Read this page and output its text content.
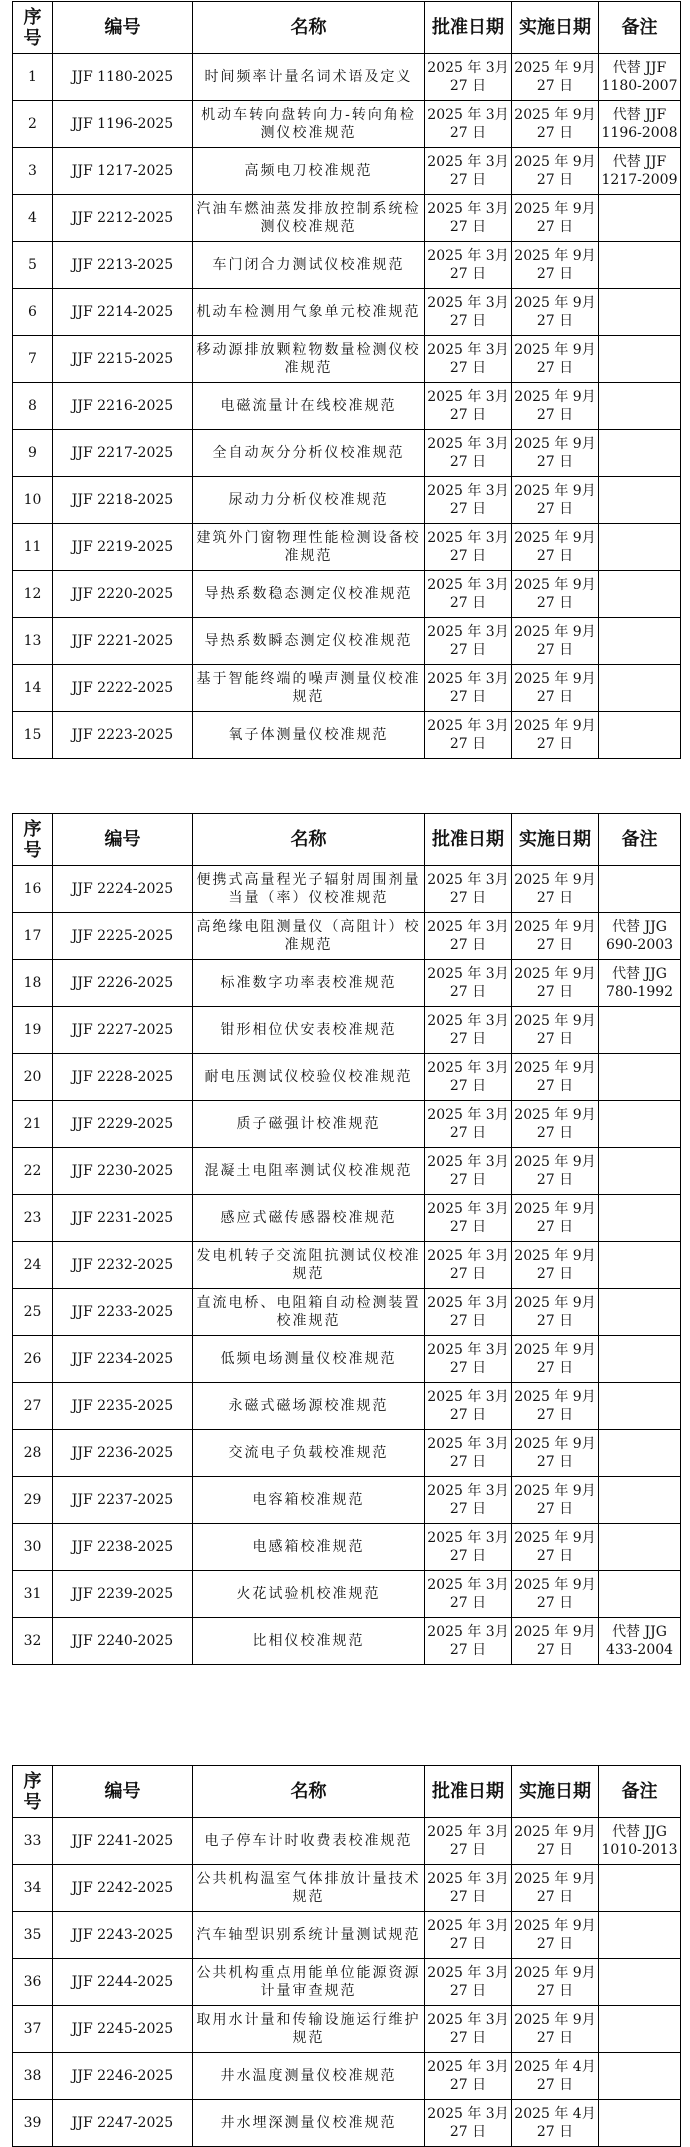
序号	编号	名称	批准日期	实施日期	备注
1	JJF 1180-2025	时间频率计量名词术语及定义	2025 年 3月27 日	2025 年 9月27 日	代替 JJF 1180-2007
2	JJF 1196-2025	机动车转向盘转向力-转向角检测仪校准规范	2025 年 3月27 日	2025 年 9月27 日	代替 JJF 1196-2008
3	JJF 1217-2025	高频电刀校准规范	2025 年 3月27 日	2025 年 9月27 日	代替 JJF 1217-2009
4	JJF 2212-2025	汽油车燃油蒸发排放控制系统检测仪校准规范	2025 年 3月27 日	2025 年 9月27 日	
5	JJF 2213-2025	车门闭合力测试仪校准规范	2025 年 3月27 日	2025 年 9月27 日	
6	JJF 2214-2025	机动车检测用气象单元校准规范	2025 年 3月27 日	2025 年 9月27 日	
7	JJF 2215-2025	移动源排放颗粒物数量检测仪校准规范	2025 年 3月27 日	2025 年 9月27 日	
8	JJF 2216-2025	电磁流量计在线校准规范	2025 年 3月27 日	2025 年 9月27 日	
9	JJF 2217-2025	全自动灰分分析仪校准规范	2025 年 3月27 日	2025 年 9月27 日	
10	JJF 2218-2025	尿动力分析仪校准规范	2025 年 3月27 日	2025 年 9月27 日	
11	JJF 2219-2025	建筑外门窗物理性能检测设备校准规范	2025 年 3月27 日	2025 年 9月27 日	
12	JJF 2220-2025	导热系数稳态测定仪校准规范	2025 年 3月27 日	2025 年 9月27 日	
13	JJF 2221-2025	导热系数瞬态测定仪校准规范	2025 年 3月27 日	2025 年 9月27 日	
14	JJF 2222-2025	基于智能终端的噪声测量仪校准规范	2025 年 3月27 日	2025 年 9月27 日	
15	JJF 2223-2025	氧子体测量仪校准规范	2025 年 3月27 日	2025 年 9月27 日	
序号	编号	名称	批准日期	实施日期	备注
16	JJF 2224-2025	便携式高量程光子辐射周围剂量当量（率）仪校准规范	2025 年 3月27 日	2025 年 9月 27 日	
17	JJF 2225-2025	高绝缘电阻测量仪（高阻计）校准规范	2025 年 3月27 日	2025 年 9月 27 日	代替 JJG 690-2003
18	JJF 2226-2025	标准数字功率表校准规范	2025 年 3月27 日	2025 年 9月27 日	代替 JJG 780-1992
19	JJF 2227-2025	钳形相位伏安表校准规范	2025 年 3月27 日	2025 年 9月27 日	
20	JJF 2228-2025	耐电压测试仪校验仪校准规范	2025 年 3月27 日	2025 年 9月27 日	
21	JJF 2229-2025	质子磁强计校准规范	2025 年 3月27 日	2025 年 9月27 日	
22	JJF 2230-2025	混凝土电阻率测试仪校准规范	2025 年 3月27 日	2025 年 9月27 日	
23	JJF 2231-2025	感应式磁传感器校准规范	2025 年 3月27 日	2025 年 9月27 日	
24	JJF 2232-2025	发电机转子交流阻抗测试仪校准规范	2025 年 3月27 日	2025 年 9月27 日	
25	JJF 2233-2025	直流电桥、电阻箱自动检测装置校准规范	2025 年 3月27 日	2025 年 9月27 日	
26	JJF 2234-2025	低频电场测量仪校准规范	2025 年 3月27 日	2025 年 9月27 日	
27	JJF 2235-2025	永磁式磁场源校准规范	2025 年 3月27 日	2025 年 9月27 日	
28	JJF 2236-2025	交流电子负载校准规范	2025 年 3月27 日	2025 年 9月27 日	
29	JJF 2237-2025	电容箱校准规范	2025 年 3月27 日	2025 年 9月27 日	
30	JJF 2238-2025	电感箱校准规范	2025 年 3月27 日	2025 年 9月27 日	
31	JJF 2239-2025	火花试验机校准规范	2025 年 3月27 日	2025 年 9月27 日	
32	JJF 2240-2025	比相仪校准规范	2025 年 3月27 日	2025 年 9月27 日	代替 JJG 433-2004
序号	编号	名称	批准日期	实施日期	备注
33	JJF 2241-2025	电子停车计时收费表校准规范	2025 年 3月27 日	2025 年 9月27 日	代替 JJG 1010-2013
34	JJF 2242-2025	公共机构温室气体排放计量技术规范	2025 年 3月27 日	2025 年 9月27 日	
35	JJF 2243-2025	汽车轴型识别系统计量测试规范	2025 年 3月27 日	2025 年 9月27 日	
36	JJF 2244-2025	公共机构重点用能单位能源资源计量审查规范	2025 年 3月27 日	2025 年 9月27 日	
37	JJF 2245-2025	取用水计量和传输设施运行维护规范	2025 年 3月27 日	2025 年 9月27 日	
38	JJF 2246-2025	井水温度测量仪校准规范	2025 年 3月27 日	2025 年 4月27 日	
39	JJF 2247-2025	井水埋深测量仪校准规范	2025 年 3月27 日	2025 年 4月27 日	
